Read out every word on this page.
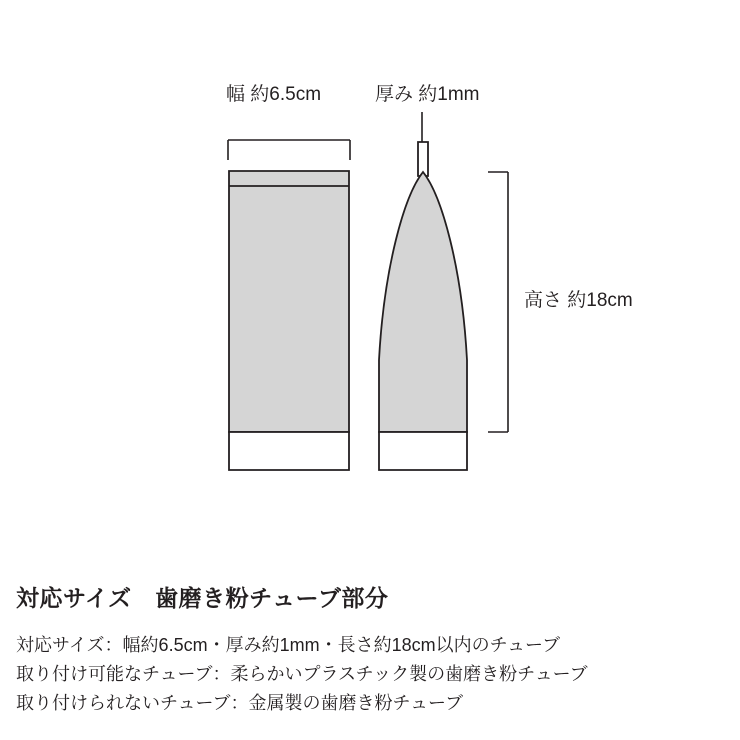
幅 約6.5cm	厚み 約1mm
高さ 約18cm
対応サイズ　歯磨き粉チューブ部分
対応サイズ：幅約6.5cm・厚み約1mm・長さ約18cm以内のチューブ
取り付け可能なチューブ：柔らかいプラスチック製の歯磨き粉チューブ
取り付けられないチューブ：金属製の歯磨き粉チューブ
